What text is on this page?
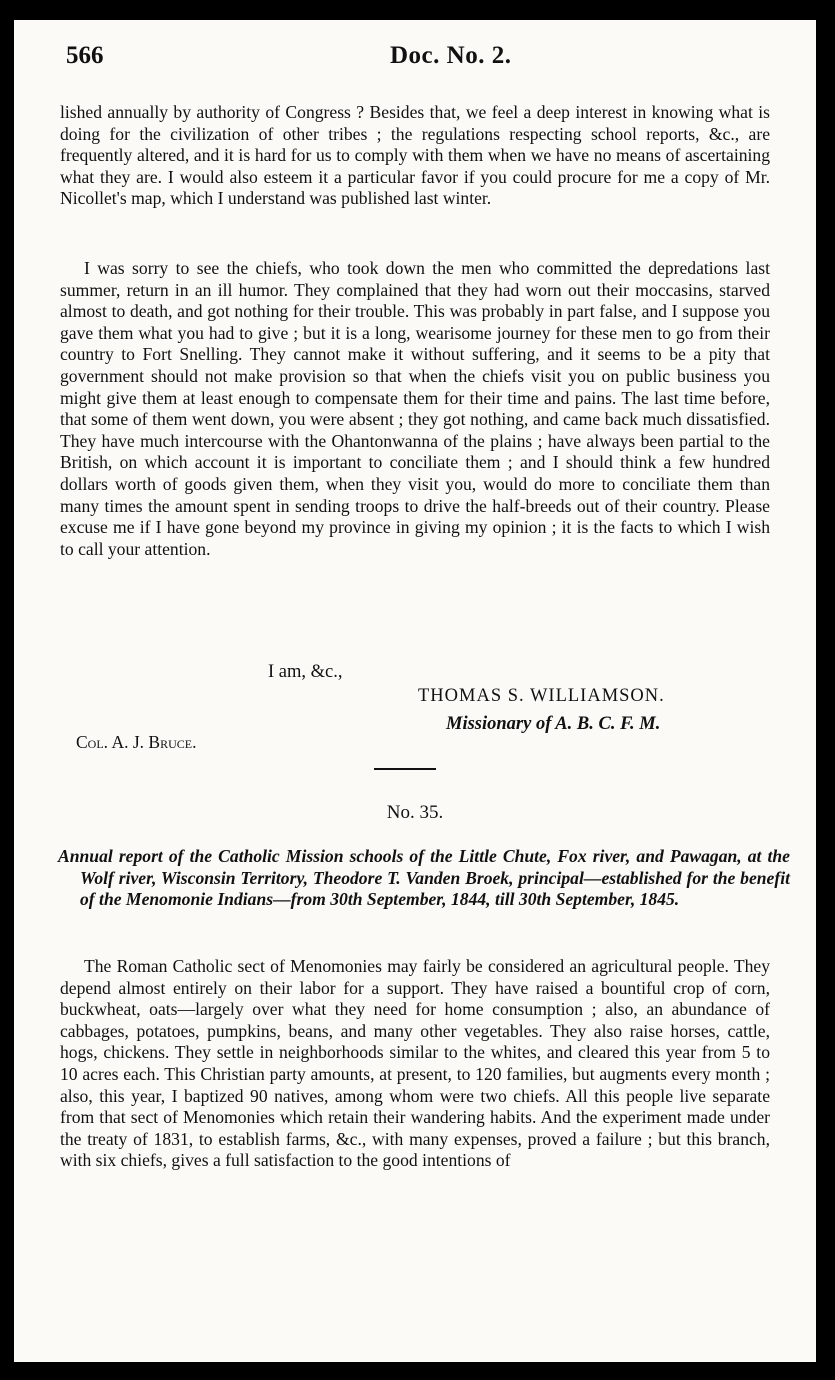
566	Doc. No. 2.

lished annually by authority of Congress ? Besides that, we feel a deep interest in knowing what is doing for the civilization of other tribes ; the regulations respecting school reports, &c., are frequently altered, and it is hard for us to comply with them when we have no means of ascertaining what they are. I would also esteem it a particular favor if you could procure for me a copy of Mr. Nicollet's map, which I understand was published last winter.

I was sorry to see the chiefs, who took down the men who committed the depredations last summer, return in an ill humor. They complained that they had worn out their moccasins, starved almost to death, and got nothing for their trouble. This was probably in part false, and I suppose you gave them what you had to give ; but it is a long, wearisome journey for these men to go from their country to Fort Snelling. They cannot make it without suffering, and it seems to be a pity that government should not make provision so that when the chiefs visit you on public business you might give them at least enough to compensate them for their time and pains. The last time before, that some of them went down, you were absent ; they got nothing, and came back much dissatisfied. They have much intercourse with the Ohantonwanna of the plains ; have always been partial to the British, on which account it is important to conciliate them ; and I should think a few hundred dollars worth of goods given them, when they visit you, would do more to conciliate them than many times the amount spent in sending troops to drive the half-breeds out of their country. Please excuse me if I have gone beyond my province in giving my opinion ; it is the facts to which I wish to call your attention.

I am, &c.,
THOMAS S. WILLIAMSON.
Missionary of A. B. C. F. M.
Col. A. J. Bruce.
No. 35.

Annual report of the Catholic Mission schools of the Little Chute, Fox river, and Pawagan, at the Wolf river, Wisconsin Territory, Theodore T. Vanden Broek, principal—established for the benefit of the Menomonie Indians—from 30th September, 1844, till 30th September, 1845.

The Roman Catholic sect of Menomonies may fairly be considered an agricultural people. They depend almost entirely on their labor for a support. They have raised a bountiful crop of corn, buckwheat, oats—largely over what they need for home consumption ; also, an abundance of cabbages, potatoes, pumpkins, beans, and many other vegetables. They also raise horses, cattle, hogs, chickens. They settle in neighborhoods similar to the whites, and cleared this year from 5 to 10 acres each. This Christian party amounts, at present, to 120 families, but augments every month ; also, this year, I baptized 90 natives, among whom were two chiefs. All this people live separate from that sect of Menomonies which retain their wandering habits. And the experiment made under the treaty of 1831, to establish farms, &c., with many expenses, proved a failure ; but this branch, with six chiefs, gives a full satisfaction to the good intentions of
